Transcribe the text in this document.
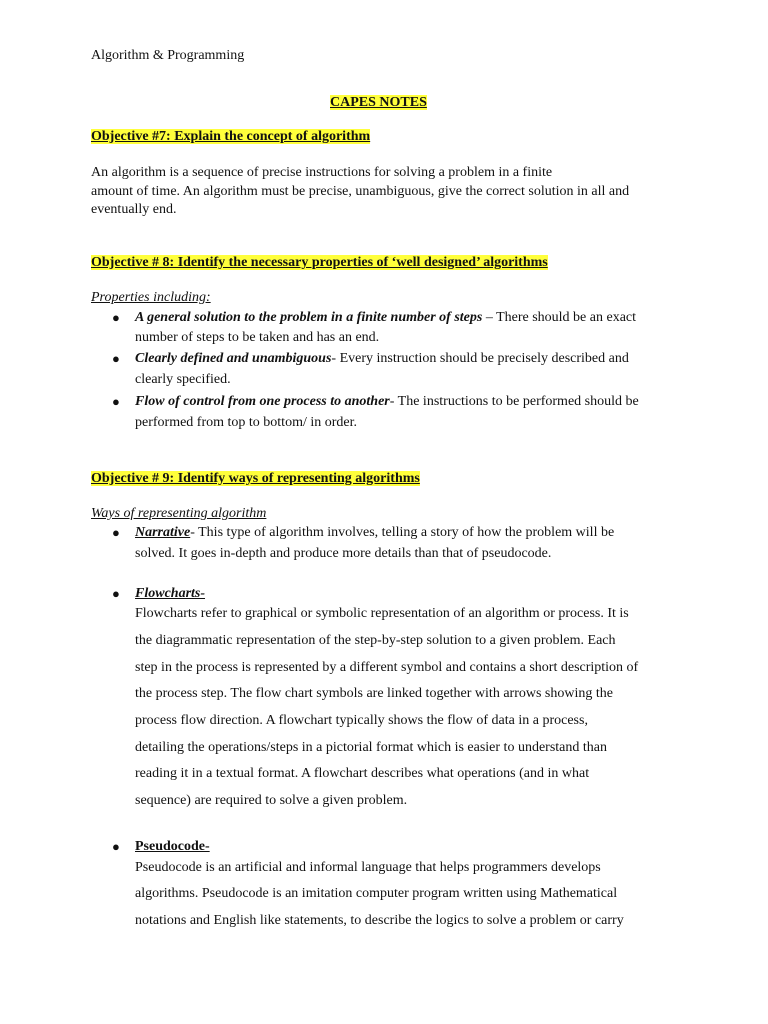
Algorithm & Programming
CAPES NOTES
Objective #7: Explain the concept of algorithm
An algorithm is a sequence of precise instructions for solving a problem in a finite
amount of time. An algorithm must be precise, unambiguous, give the correct solution in all and
eventually end.
Objective # 8: Identify the necessary properties of ‘well designed’ algorithms
Properties including:
● A general solution to the problem in a finite number of steps – There should be an exact
number of steps to be taken and has an end.
● Clearly defined and unambiguous- Every instruction should be precisely described and
clearly specified.
● Flow of control from one process to another- The instructions to be performed should be
performed from top to bottom/ in order.
Objective # 9: Identify ways of representing algorithms
Ways of representing algorithm
● Narrative- This type of algorithm involves, telling a story of how the problem will be
solved. It goes in-depth and produce more details than that of pseudocode.
● Flowcharts-
Flowcharts refer to graphical or symbolic representation of an algorithm or process. It is
the diagrammatic representation of the step-by-step solution to a given problem. Each
step in the process is represented by a different symbol and contains a short description of
the process step. The flow chart symbols are linked together with arrows showing the
process flow direction. A flowchart typically shows the flow of data in a process,
detailing the operations/steps in a pictorial format which is easier to understand than
reading it in a textual format. A flowchart describes what operations (and in what
sequence) are required to solve a given problem.
● Pseudocode-
Pseudocode is an artificial and informal language that helps programmers develops
algorithms. Pseudocode is an imitation computer program written using Mathematical
notations and English like statements, to describe the logics to solve a problem or carry
